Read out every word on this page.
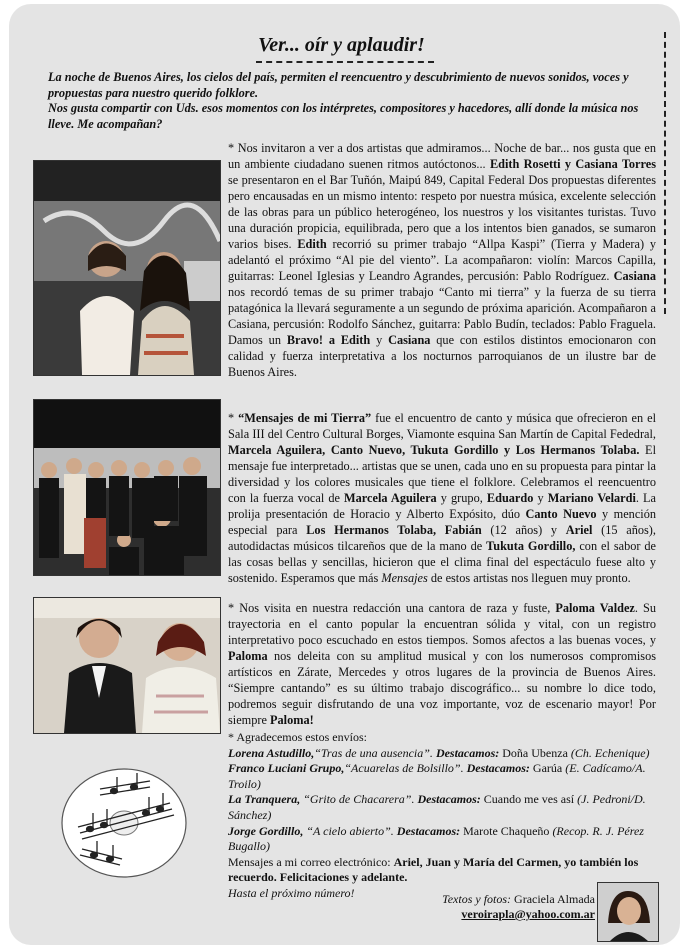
Ver... oír y aplaudir!

La noche de Buenos Aires, los cielos del país, permiten el reencuentro y descubrimiento de nuevos sonidos, voces y propuestas para nuestro querido folklore.

Nos gusta compartir con Uds. esos momentos con los intérpretes, compositores y hacedores, allí donde la música nos lleve. Me acompañan?

* Nos invitaron a ver a dos artistas que admiramos... Noche de bar... nos gusta que en un ambiente ciudadano suenen ritmos autóctonos... Edith Rosetti y Casiana Torres se presentaron en el Bar Tuñón, Maipú 849, Capital Federal Dos propuestas diferentes pero encausadas en un mismo intento: respeto por nuestra música, excelente selección de las obras para un público heterogéneo, los nuestros y los visitantes turistas. Tuvo una duración propicia, equilibrada, pero que a los intentos bien ganados, se sumaron varios bises. Edith recorrió su primer trabajo “Allpa Kaspi” (Tierra y Madera) y adelantó el próximo “Al pie del viento”. La acompañaron: violín: Marcos Capilla, guitarras: Leonel Iglesias y Leandro Agrandes, percusión: Pablo Rodríguez. Casiana nos recordó temas de su primer trabajo “Canto mi tierra” y la fuerza de su tierra patagónica la llevará seguramente a un segundo de próxima aparición. Acompañaron a Casiana, percusión: Rodolfo Sánchez, guitarra: Pablo Budín, teclados: Pablo Fraguela. Damos un Bravo! a Edith y Casiana que con estilos distintos emocionaron con calidad y fuerza interpretativa a los nocturnos parroquianos de un ilustre bar de Buenos Aires.

* “Mensajes de mi Tierra” fue el encuentro de canto y música que ofrecieron en el Sala III del Centro Cultural Borges, Viamonte esquina San Martín de Capital Fededral, Marcela Aguilera, Canto Nuevo, Tukuta Gordillo y Los Hermanos Tolaba. El mensaje fue interpretado... artistas que se unen, cada uno en su propuesta para pintar la diversidad y los colores musicales que tiene el folklore. Celebramos el reencuentro con la fuerza vocal de Marcela Aguilera y grupo, Eduardo y Mariano Velardi. La prolija presentación de Horacio y Alberto Expósito, dúo Canto Nuevo y mención especial para Los Hermanos Tolaba, Fabián (12 años) y Ariel (15 años), autodidactas músicos tilcareños que de la mano de Tukuta Gordillo, con el sabor de las cosas bellas y sencillas, hicieron que el clima final del espectáculo fuese alto y sostenido. Esperamos que más Mensajes de estos artistas nos lleguen muy pronto.

* Nos visita en nuestra redacción una cantora de raza y fuste, Paloma Valdez. Su trayectoria en el canto popular la encuentran sólida y vital, con un registro interpretativo poco escuchado en estos tiempos. Somos afectos a las buenas voces, y Paloma nos deleita con su amplitud musical y con los numerosos compromisos artísticos en Zárate, Mercedes y otros lugares de la provincia de Buenos Aires. “Siempre cantando” es su último trabajo discográfico... su nombre lo dice todo, podremos seguir disfrutando de una voz importante, voz de escenario mayor! Por siempre Paloma!

* Agradecemos estos envíos:

Lorena Astudillo,“Tras de una ausencia”. Destacamos: Doña Ubenza (Ch. Echenique)

Franco Luciani Grupo,“Acuarelas de Bolsillo”. Destacamos: Garúa (E. Cadícamo/A. Troilo)

La Tranquera, “Grito de Chacarera”. Destacamos: Cuando me ves así (J. Pedroni/D. Sánchez)

Jorge Gordillo, “A cielo abierto”. Destacamos: Marote Chaqueño (Recop. R. J. Pérez Bugallo)

Mensajes a mi correo electrónico: Ariel, Juan y María del Carmen, yo también los recuerdo. Felicitaciones y adelante.

Hasta el próximo número!	Textos y fotos: Graciela Almada
veroirapla@yahoo.com.ar
